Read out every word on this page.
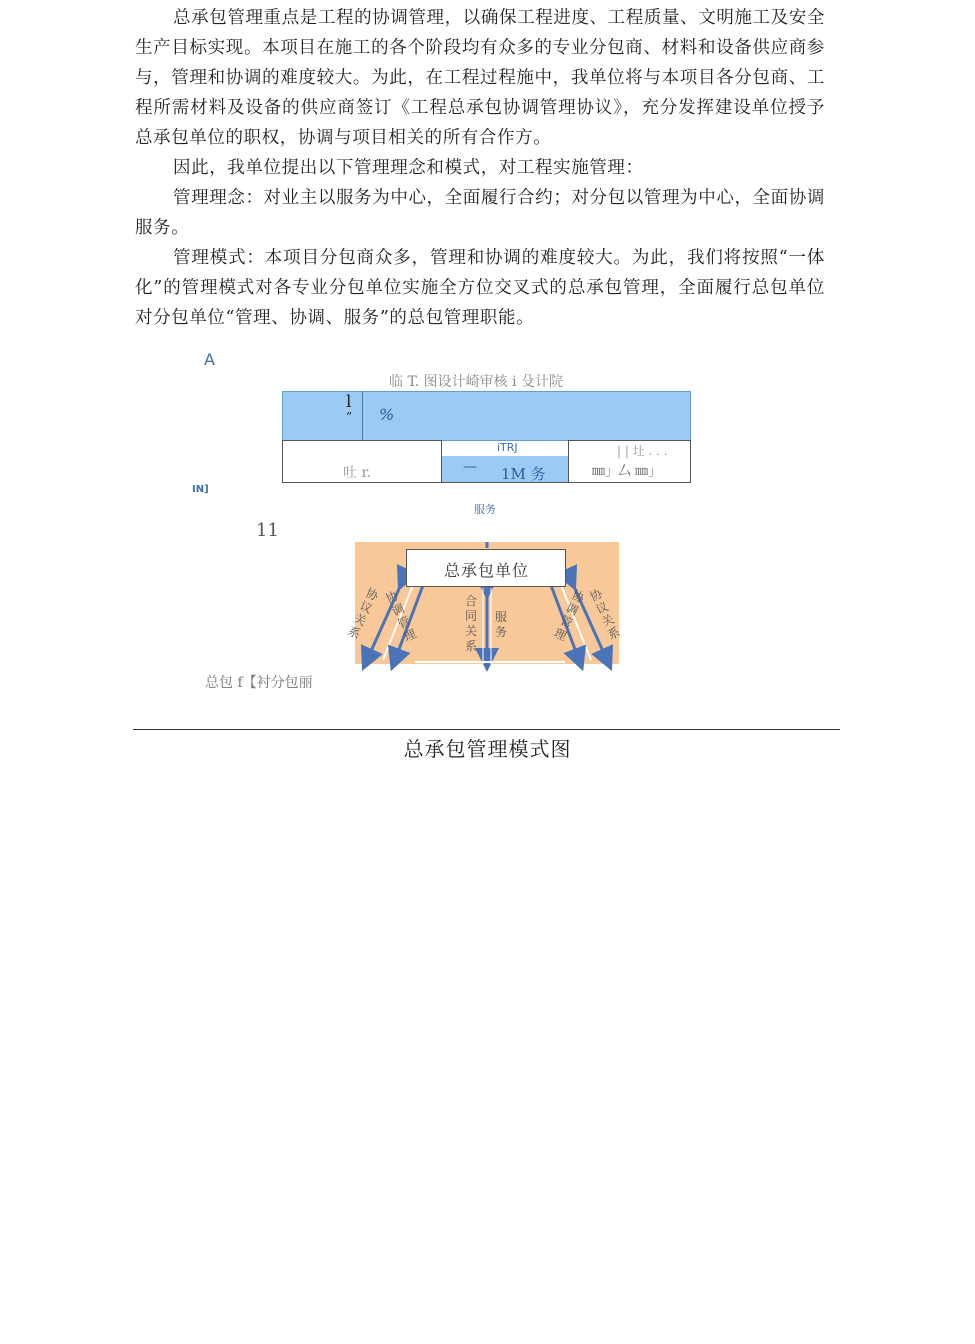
总承包管理重点是工程的协调管理，以确保工程进度、工程质量、文明施工及安全生产目标实现。本项目在施工的各个阶段均有众多的专业分包商、材料和设备供应商参与，管理和协调的难度较大。为此，在工程过程施中，我单位将与本项目各分包商、工程所需材料及设备的供应商签订《工程总承包协调管理协议》，充分发挥建设单位授予总承包单位的职权，协调与项目相关的所有合作方。

因此，我单位提出以下管理理念和模式，对工程实施管理：

管理理念：对业主以服务为中心，全面履行合约；对分包以管理为中心，全面协调服务。

管理模式：本项目分包商众多，管理和协调的难度较大。为此，我们将按照“一体化”的管理模式对各专业分包单位实施全方位交叉式的总承包管理，全面履行总包单位对分包单位“管理、协调、服务”的总包管理职能。

A
临 T. 图设计崎审核 i 殳计院
l
” %
吐 r.
iTRJ
— 1M 务
| | 圵 . . .
㎜」厶 ㎜」
IN]
服务
11
总承包单位
协议关系
协调管理
合同关系
服务
协调管理
协议关系
总包 f【衬分包丽
总承包管理模式图
